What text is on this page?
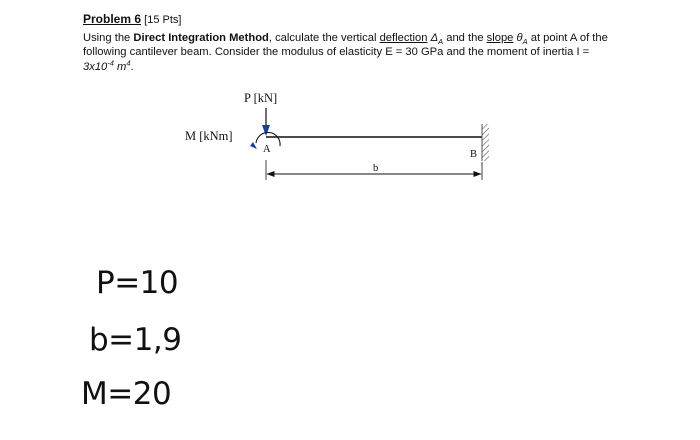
Problem 6 [15 Pts]
Using the Direct Integration Method, calculate the vertical deflection $\Delta_A$ and the slope $\theta_A$ at point A of the following cantilever beam. Consider the modulus of elasticity E = 30 GPa and the moment of inertia $I = 3x10^{-4}$ $m^4$.
P [kN]
M [kNm]
A	B
b
P=10
b=1,9
M=20
